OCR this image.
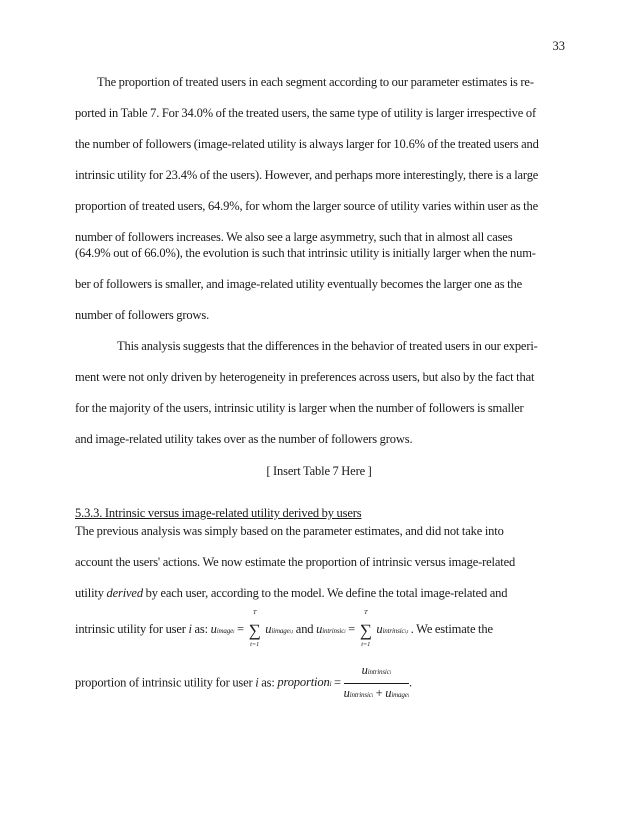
33
The proportion of treated users in each segment according to our parameter estimates is re-
ported in Table 7. For 34.0% of the treated users, the same type of utility is larger irrespective of
the number of followers (image-related utility is always larger for 10.6% of the treated users and
intrinsic utility for 23.4% of the users). However, and perhaps more interestingly, there is a large
proportion of treated users, 64.9%, for whom the larger source of utility varies within user as the
number of followers increases. We also see a large asymmetry, such that in almost all cases
(64.9% out of 66.0%), the evolution is such that intrinsic utility is initially larger when the num-
ber of followers is smaller, and image-related utility eventually becomes the larger one as the
number of followers grows.
This analysis suggests that the differences in the behavior of treated users in our experi-
ment were not only driven by heterogeneity in preferences across users, but also by the fact that
for the majority of the users, intrinsic utility is larger when the number of followers is smaller
and image-related utility takes over as the number of followers grows.
[ Insert Table 7 Here ]
5.3.3. Intrinsic versus image-related utility derived by users
The previous analysis was simply based on the parameter estimates, and did not take into
account the users' actions. We now estimate the proportion of intrinsic versus image-related
utility derived by each user, according to the model. We define the total image-related and
intrinsic utility for user i as: uimagei =
T
∑
t=1
uiimagei,t and uintrinsici =
T
∑
t=1
uintrinsici,t . We estimate the
proportion of intrinsic utility for user i as: proportioni = $\frac{\text{uintrinsici}}{\text{uintrinsici + uimagei}}$ .
